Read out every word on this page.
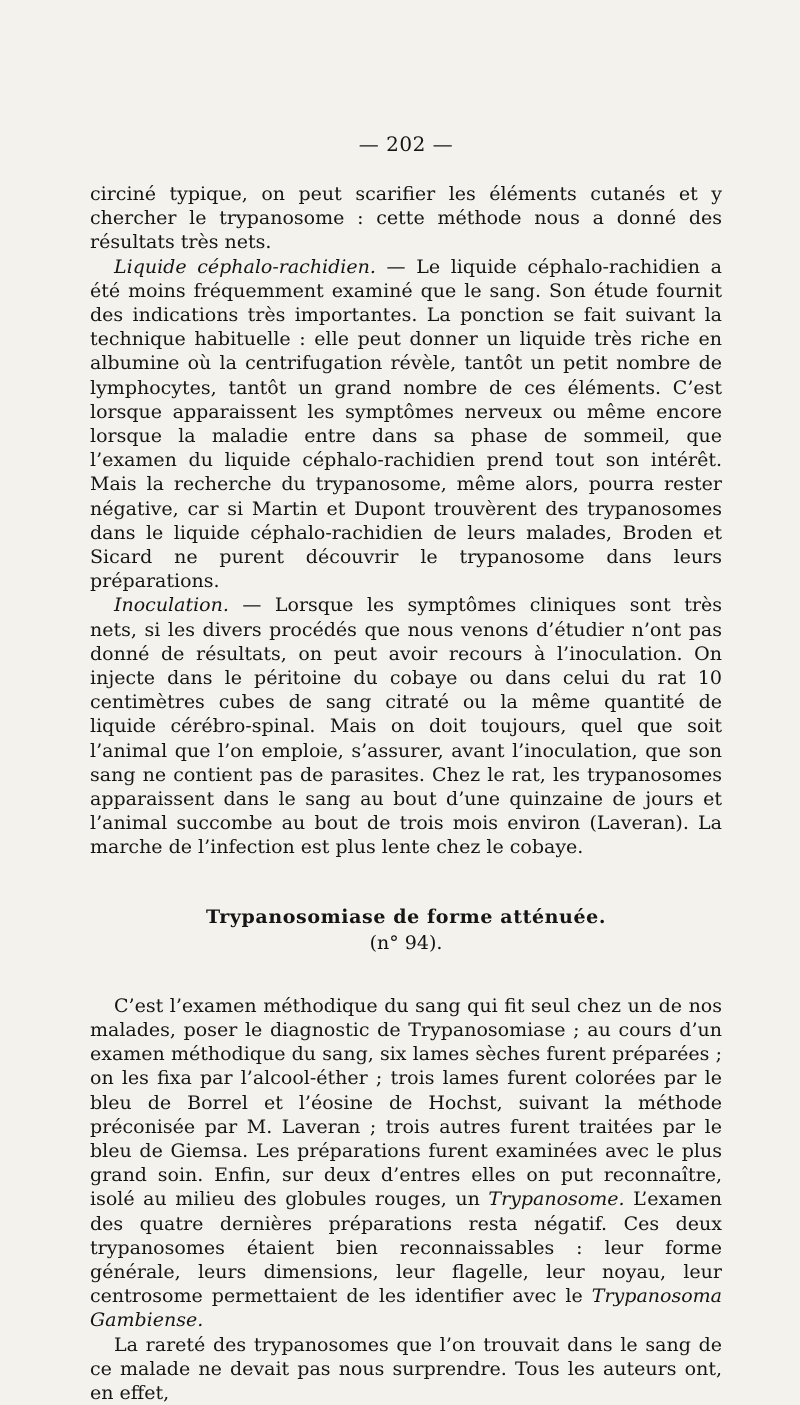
— 202 —

circiné typique, on peut scarifier les éléments cutanés et y chercher le trypanosome : cette méthode nous a donné des résultats très nets.

Liquide céphalo-rachidien. — Le liquide céphalo-rachidien a été moins fréquemment examiné que le sang. Son étude fournit des indications très importantes. La ponction se fait suivant la technique habituelle : elle peut donner un liquide très riche en albumine où la centrifugation révèle, tantôt un petit nombre de lymphocytes, tantôt un grand nombre de ces éléments. C’est lorsque apparaissent les symptômes nerveux ou même encore lorsque la maladie entre dans sa phase de sommeil, que l’examen du liquide céphalo-rachidien prend tout son intérêt. Mais la recherche du trypanosome, même alors, pourra rester négative, car si Martin et Dupont trouvèrent des trypanosomes dans le liquide céphalo-rachidien de leurs malades, Broden et Sicard ne purent découvrir le trypanosome dans leurs préparations.

Inoculation. — Lorsque les symptômes cliniques sont très nets, si les divers procédés que nous venons d’étudier n’ont pas donné de résultats, on peut avoir recours à l’inoculation. On injecte dans le péritoine du cobaye ou dans celui du rat 10 centimètres cubes de sang citraté ou la même quantité de liquide cérébro-spinal. Mais on doit toujours, quel que soit l’animal que l’on emploie, s’assurer, avant l’inoculation, que son sang ne contient pas de parasites. Chez le rat, les trypanosomes apparaissent dans le sang au bout d’une quinzaine de jours et l’animal succombe au bout de trois mois environ (Laveran). La marche de l’infection est plus lente chez le cobaye.

Trypanosomiase de forme atténuée.
(n° 94).

C’est l’examen méthodique du sang qui fit seul chez un de nos malades, poser le diagnostic de Trypanosomiase ; au cours d’un examen méthodique du sang, six lames sèches furent préparées ; on les fixa par l’alcool-éther ; trois lames furent colorées par le bleu de Borrel et l’éosine de Hochst, suivant la méthode préconisée par M. Laveran ; trois autres furent traitées par le bleu de Giemsa. Les préparations furent examinées avec le plus grand soin. Enfin, sur deux d’entres elles on put reconnaître, isolé au milieu des globules rouges, un Trypanosome. L’examen des quatre dernières préparations resta négatif. Ces deux trypanosomes étaient bien reconnaissables : leur forme générale, leurs dimensions, leur flagelle, leur noyau, leur centrosome permettaient de les identifier avec le Trypanosoma Gambiense.

La rareté des trypanosomes que l’on trouvait dans le sang de ce malade ne devait pas nous surprendre. Tous les auteurs ont, en effet,
